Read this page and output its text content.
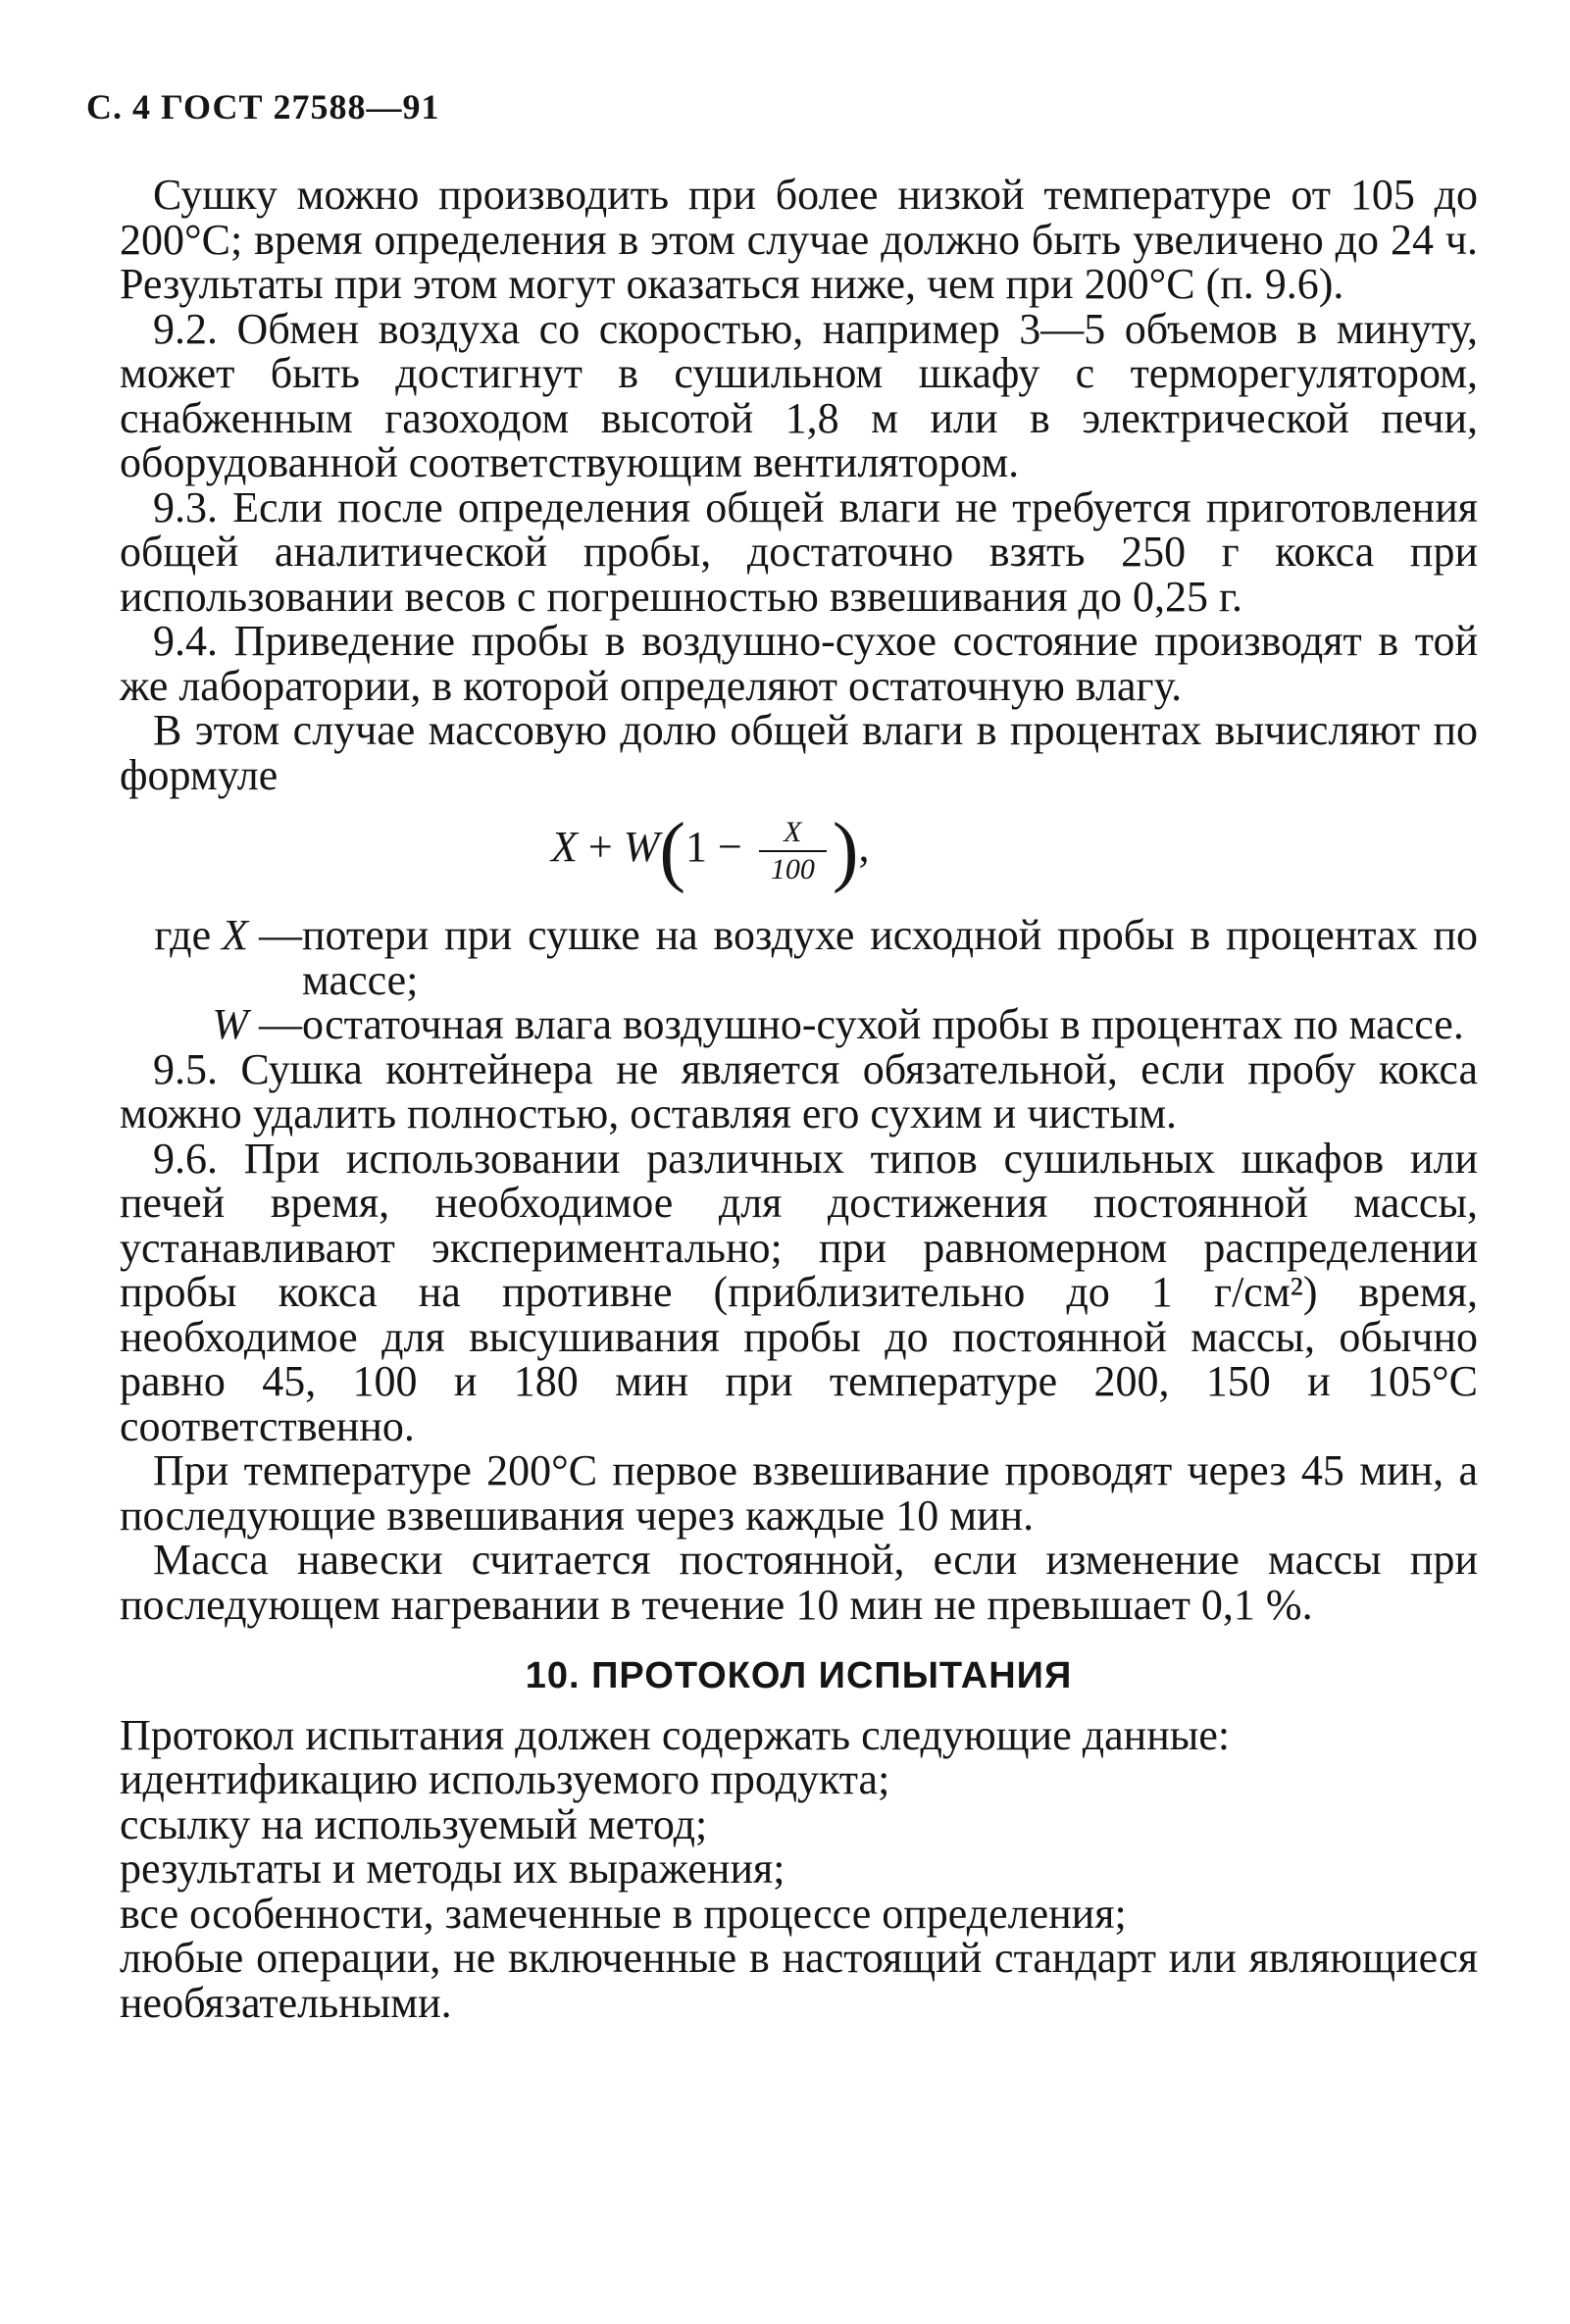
С. 4 ГОСТ 27588—91

Сушку можно производить при более низкой температуре от 105 до 200°С; время определения в этом случае должно быть увеличено до 24 ч. Результаты при этом могут оказаться ниже, чем при 200°С (п. 9.6).

9.2. Обмен воздуха со скоростью, например 3—5 объемов в минуту, может быть достигнут в сушильном шкафу с терморегулятором, снабженным газоходом высотой 1,8 м или в электрической печи, оборудованной соответствующим вентилятором.

9.3. Если после определения общей влаги не требуется приготовления общей аналитической пробы, достаточно взять 250 г кокса при использовании весов с погрешностью взвешивания до 0,25 г.

9.4. Приведение пробы в воздушно-сухое состояние производят в той же лаборатории, в которой определяют остаточную влагу.

В этом случае массовую долю общей влаги в процентах вычисляют по формуле

$X + W(1 - \frac{X}{100}$ ),
где X — потери при сушке на воздухе исходной пробы в процентах по массе;
W — остаточная влага воздушно-сухой пробы в процентах по массе.

9.5. Сушка контейнера не является обязательной, если пробу кокса можно удалить полностью, оставляя его сухим и чистым.

9.6. При использовании различных типов сушильных шкафов или печей время, необходимое для достижения постоянной массы, устанавливают экспериментально; при равномерном распределении пробы кокса на противне (приблизительно до 1 г/см²) время, необходимое для высушивания пробы до постоянной массы, обычно равно 45, 100 и 180 мин при температуре 200, 150 и 105°С соответственно.

При температуре 200°С первое взвешивание проводят через 45 мин, а последующие взвешивания через каждые 10 мин.

Масса навески считается постоянной, если изменение массы при последующем нагревании в течение 10 мин не превышает 0,1 %.

10. ПРОТОКОЛ ИСПЫТАНИЯ

Протокол испытания должен содержать следующие данные:

идентификацию используемого продукта;

ссылку на используемый метод;

результаты и методы их выражения;

все особенности, замеченные в процессе определения;

любые операции, не включенные в настоящий стандарт или являющиеся необязательными.
